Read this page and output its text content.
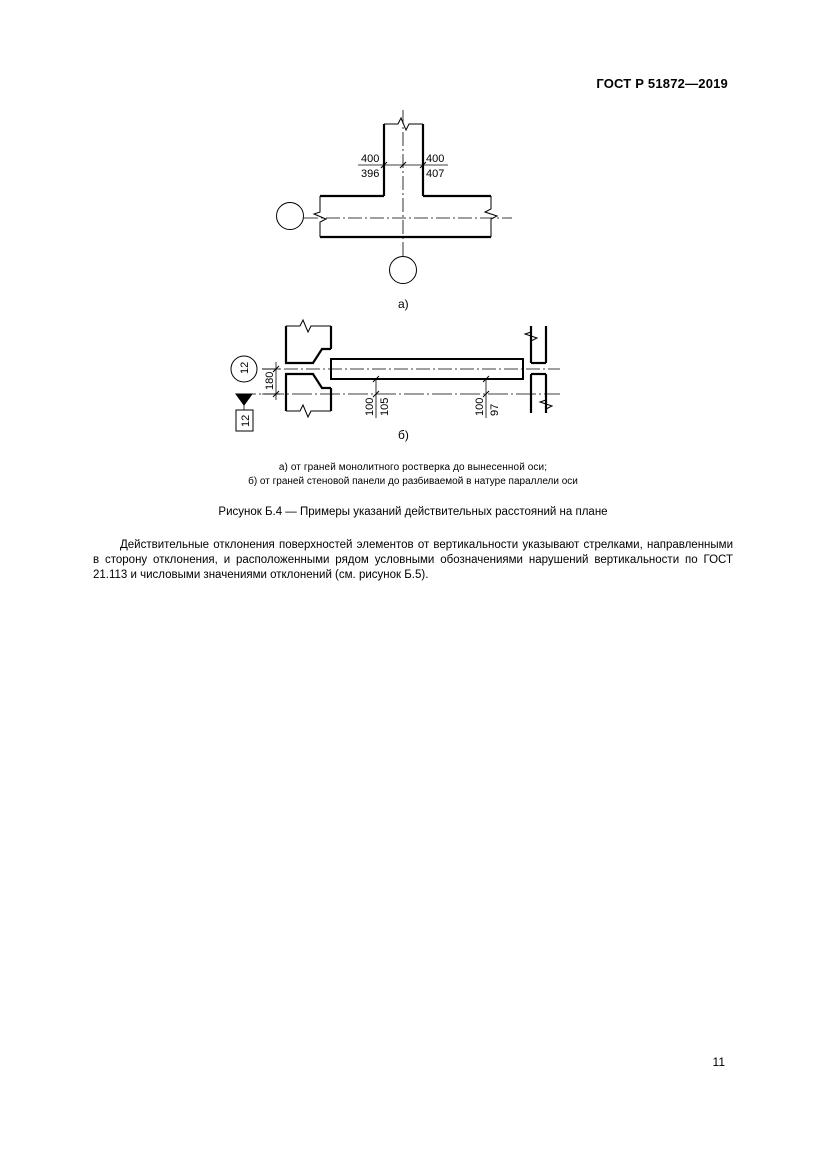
ГОСТ Р 51872—2019
400
396
400
407
а)
12
12
180
100 105	100 97
б)
а) от граней монолитного ростверка до вынесенной оси;
б) от граней стеновой панели до разбиваемой в натуре параллели оси
Рисунок Б.4 — Примеры указаний действительных расстояний на плане
Действительные отклонения поверхностей элементов от вертикальности указывают стрелками, направленными в сторону отклонения, и расположенными рядом условными обозначениями нарушений вертикальности по ГОСТ 21.113 и числовыми значениями отклонений (см. рисунок Б.5).
11
